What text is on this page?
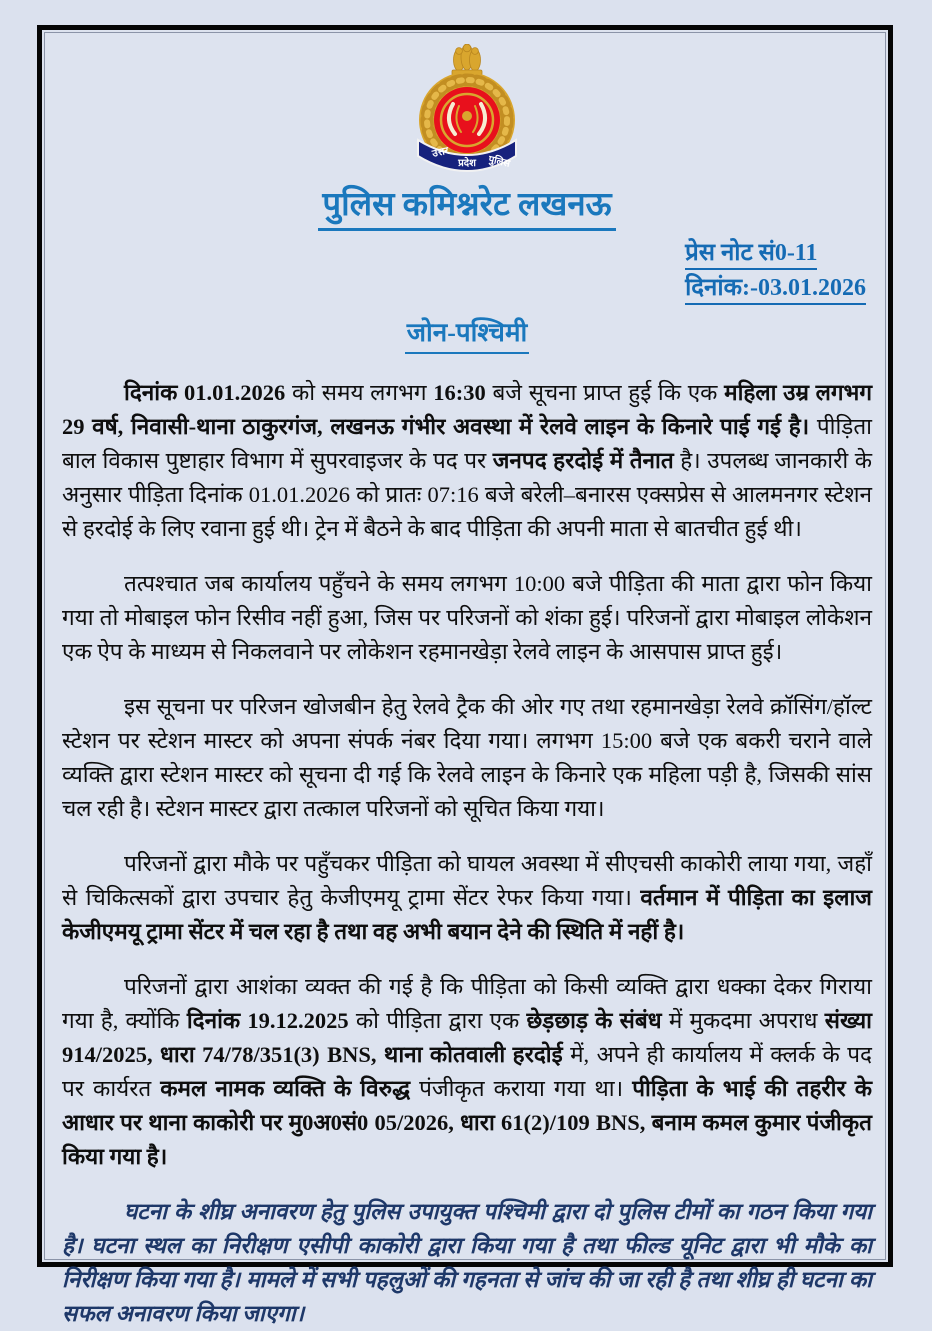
उत्तर
प्रदेश पुलिस
पुलिस कमिश्नरेट लखनऊ
प्रेस नोट सं0-11
दिनांक:-03.01.2026
जोन-पश्चिमी

दिनांक 01.01.2026 को समय लगभग 16:30 बजे सूचना प्राप्त हुई कि एक महिला उम्र लगभग 29 वर्ष, निवासी-थाना ठाकुरगंज, लखनऊ गंभीर अवस्था में रेलवे लाइन के किनारे पाई गई है। पीड़िता बाल विकास पुष्टाहार विभाग में सुपरवाइजर के पद पर जनपद हरदोई में तैनात है। उपलब्ध जानकारी के अनुसार पीड़िता दिनांक 01.01.2026 को प्रातः 07:16 बजे बरेली–बनारस एक्सप्रेस से आलमनगर स्टेशन से हरदोई के लिए रवाना हुई थी। ट्रेन में बैठने के बाद पीड़िता की अपनी माता से बातचीत हुई थी।

तत्पश्चात जब कार्यालय पहुँचने के समय लगभग 10:00 बजे पीड़िता की माता द्वारा फोन किया गया तो मोबाइल फोन रिसीव नहीं हुआ, जिस पर परिजनों को शंका हुई। परिजनों द्वारा मोबाइल लोकेशन एक ऐप के माध्यम से निकलवाने पर लोकेशन रहमानखेड़ा रेलवे लाइन के आसपास प्राप्त हुई।

इस सूचना पर परिजन खोजबीन हेतु रेलवे ट्रैक की ओर गए तथा रहमानखेड़ा रेलवे क्रॉसिंग/हॉल्ट स्टेशन पर स्टेशन मास्टर को अपना संपर्क नंबर दिया गया। लगभग 15:00 बजे एक बकरी चराने वाले व्यक्ति द्वारा स्टेशन मास्टर को सूचना दी गई कि रेलवे लाइन के किनारे एक महिला पड़ी है, जिसकी सांस चल रही है। स्टेशन मास्टर द्वारा तत्काल परिजनों को सूचित किया गया।

परिजनों द्वारा मौके पर पहुँचकर पीड़िता को घायल अवस्था में सीएचसी काकोरी लाया गया, जहाँ से चिकित्सकों द्वारा उपचार हेतु केजीएमयू ट्रामा सेंटर रेफर किया गया। वर्तमान में पीड़िता का इलाज केजीएमयू ट्रामा सेंटर में चल रहा है तथा वह अभी बयान देने की स्थिति में नहीं है।

परिजनों द्वारा आशंका व्यक्त की गई है कि पीड़िता को किसी व्यक्ति द्वारा धक्का देकर गिराया गया है, क्योंकि दिनांक 19.12.2025 को पीड़िता द्वारा एक छेड़छाड़ के संबंध में मुकदमा अपराध संख्या 914/2025, धारा 74/78/351(3) BNS, थाना कोतवाली हरदोई में, अपने ही कार्यालय में क्लर्क के पद पर कार्यरत कमल नामक व्यक्ति के विरुद्ध पंजीकृत कराया गया था। पीड़िता के भाई की तहरीर के आधार पर थाना काकोरी पर मु0अ0सं0 05/2026, धारा 61(2)/109 BNS, बनाम कमल कुमार पंजीकृत किया गया है।

घटना के शीघ्र अनावरण हेतु पुलिस उपायुक्त पश्चिमी द्वारा दो पुलिस टीमों का गठन किया गया है। घटना स्थल का निरीक्षण एसीपी काकोरी द्वारा किया गया है तथा फील्ड यूनिट द्वारा भी मौके का निरीक्षण किया गया है। मामले में सभी पहलुओं की गहनता से जांच की जा रही है तथा शीघ्र ही घटना का सफल अनावरण किया जाएगा।
